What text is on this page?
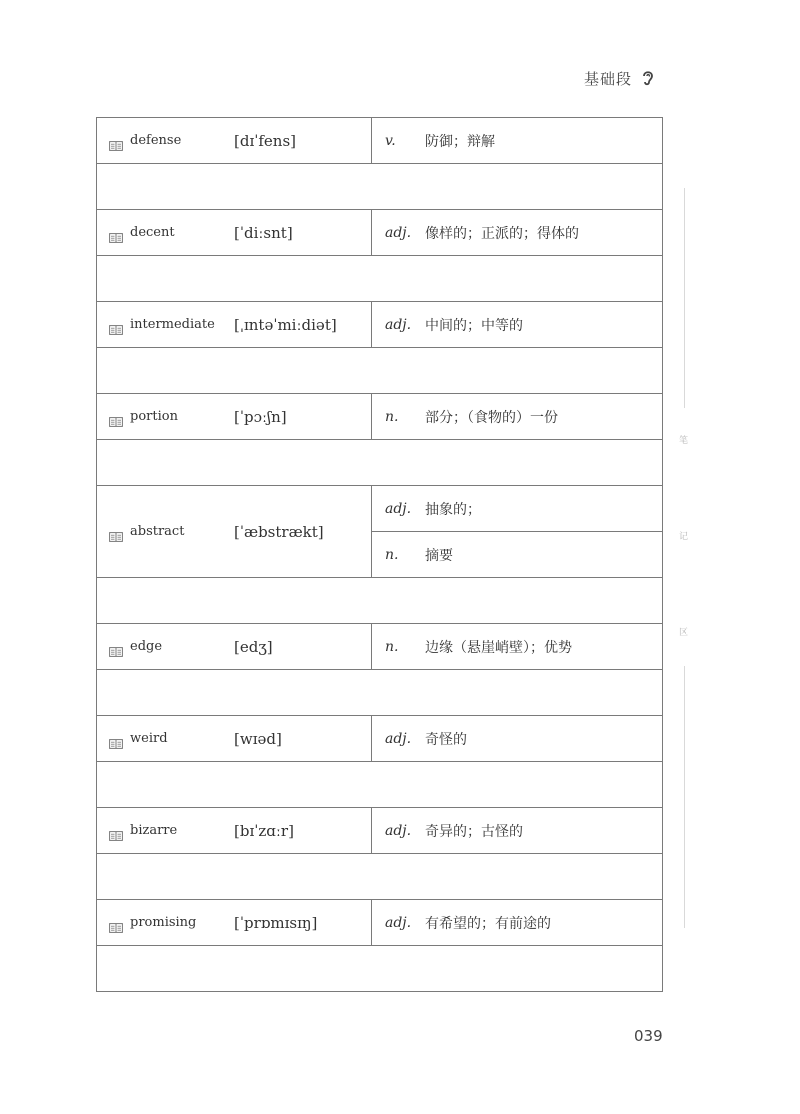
基础段
defense [dɪˈfens]	v. 防御；辩解

decent [ˈdiːsnt]	adj. 像样的；正派的；得体的

intermediate [ˌɪntəˈmiːdiət]	adj. 中间的；中等的

portion [ˈpɔːʃn]	n. 部分；（食物的）一份

abstract [ˈæbstrækt]	adj. 抽象的；

	n. 摘要

edge [edʒ]	n. 边缘（悬崖峭壁）；优势

weird [wɪəd]	adj. 奇怪的

bizarre [bɪˈzɑːr]	adj. 奇异的；古怪的

promising [ˈprɒmɪsɪŋ]	adj. 有希望的；有前途的

笔
记
区
039
